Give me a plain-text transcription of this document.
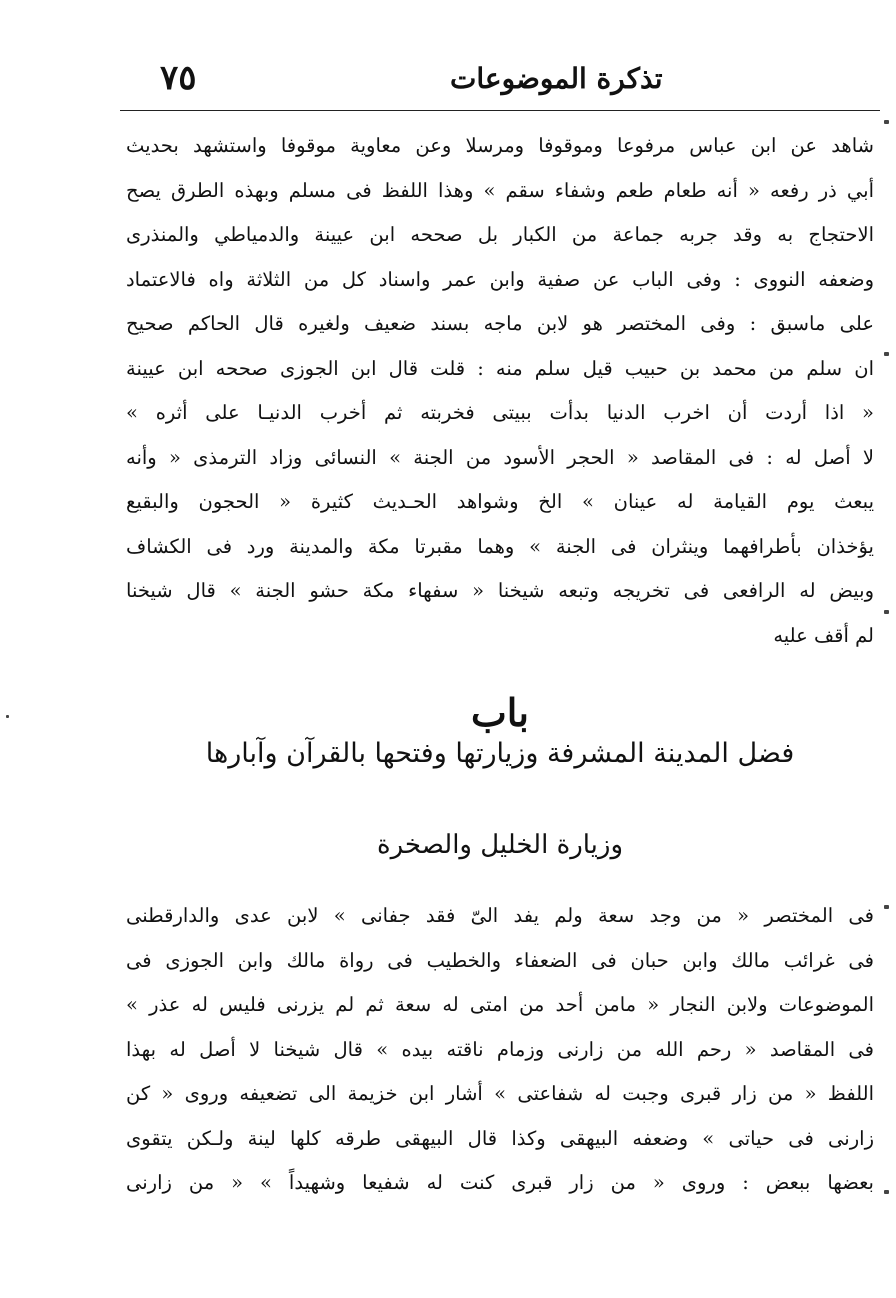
٧٥	تذكرة الموضوعات
شاهد عن ابن عباس مرفوعا وموقوفا ومرسلا وعن معاوية موقوفا واستشهد بحديث
أبي ذر رفعه « أنه طعام طعم وشفاء سقم » وهذا اللفظ فى مسلم وبهذه الطرق يصح
الاحتجاج به وقد جربه جماعة من الكبار بل صححه ابن عيينة والدمياطي والمنذرى
وضعفه النووى : وفى الباب عن صفية وابن عمر واسناد كل من الثلاثة واه فالاعتماد
على ماسبق : وفى المختصر هو لابن ماجه بسند ضعيف ولغيره قال الحاكم صحيح
ان سلم من محمد بن حبيب قيل سلم منه : قلت قال ابن الجوزى صححه ابن عيينة
« اذا أردت أن اخرب الدنيا بدأت ببيتى فخربته ثم أخرب الدنيـا على أثره »
لا أصل له : فى المقاصد « الحجر الأسود من الجنة » النسائى وزاد الترمذى « وأنه
يبعث يوم القيامة له عينان » الخ وشواهد الحـديث كثيرة « الحجون والبقيع
يؤخذان بأطرافهما وينثران فى الجنة » وهما مقبرتا مكة والمدينة ورد فى الكشاف
وبيض له الرافعى فى تخريجه وتبعه شيخنا « سفهاء مكة حشو الجنة » قال شيخنا
لم أقف عليه
باب
فضل المدينة المشرفة وزيارتها وفتحها بالقرآن وآبارها
وزيارة الخليل والصخرة
فى المختصر « من وجد سعة ولم يفد الىّ فقد جفانى » لابن عدى والدارقطنى
فى غرائب مالك وابن حبان فى الضعفاء والخطيب فى رواة مالك وابن الجوزى فى
الموضوعات ولابن النجار « مامن أحد من امتى له سعة ثم لم يزرنى فليس له عذر »
فى المقاصد « رحم الله من زارنى وزمام ناقته بيده » قال شيخنا لا أصل له بهذا
اللفظ « من زار قبرى وجبت له شفاعتى » أشار ابن خزيمة الى تضعيفه وروى « كن
زارنى فى حياتى » وضعفه البيهقى وكذا قال البيهقى طرقه كلها لينة ولـكن يتقوى
بعضها ببعض : وروى « من زار قبرى كنت له شفيعا وشهيداً » « من زارنى
